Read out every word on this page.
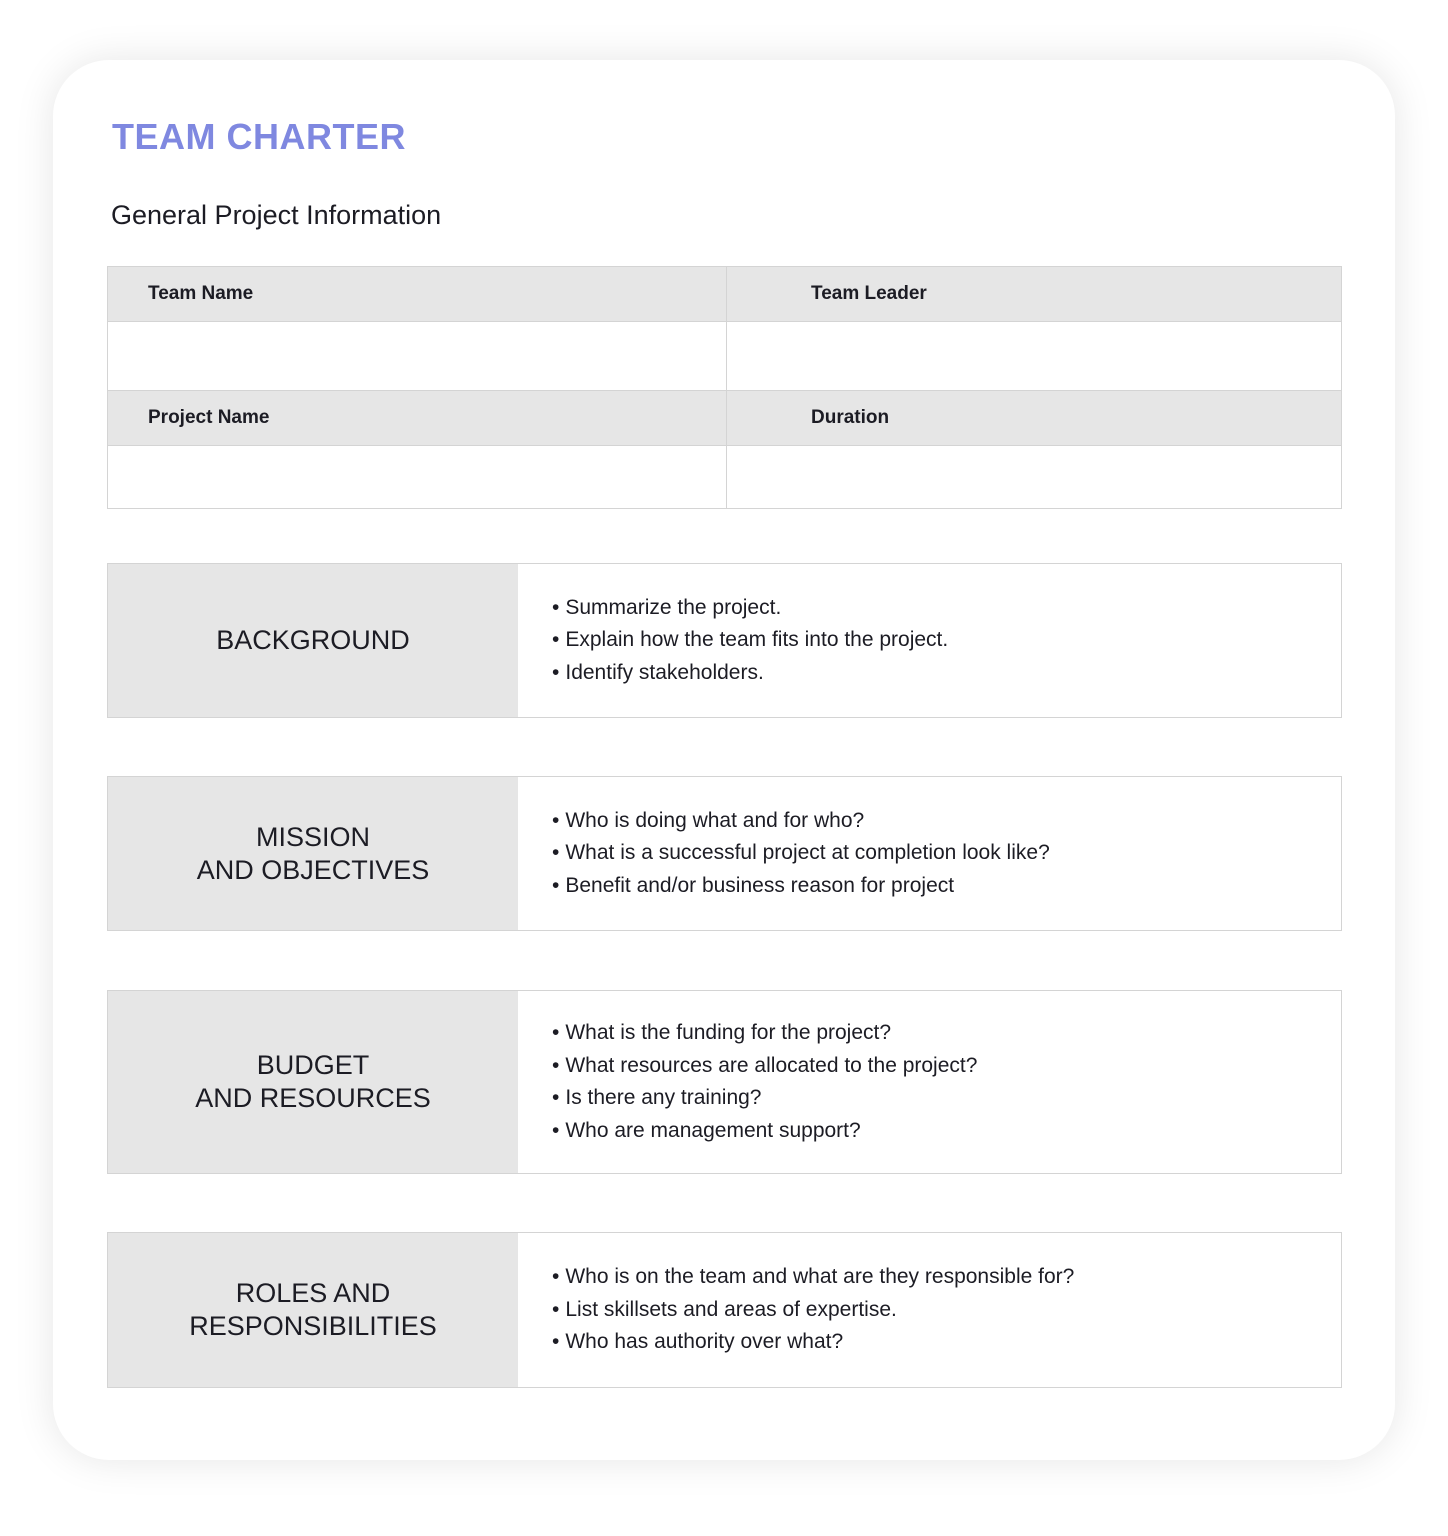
TEAM CHARTER
General Project Information
Team Name	Team Leader
Project Name	Duration
BACKGROUND
• Summarize the project.
• Explain how the team fits into the project.
• Identify stakeholders.
MISSION
AND OBJECTIVES
• Who is doing what and for who?
• What is a successful project at completion look like?
• Benefit and/or business reason for project
BUDGET
AND RESOURCES
• What is the funding for the project?
• What resources are allocated to the project?
• Is there any training?
• Who are management support?
ROLES AND
RESPONSIBILITIES
• Who is on the team and what are they responsible for?
• List skillsets and areas of expertise.
• Who has authority over what?
